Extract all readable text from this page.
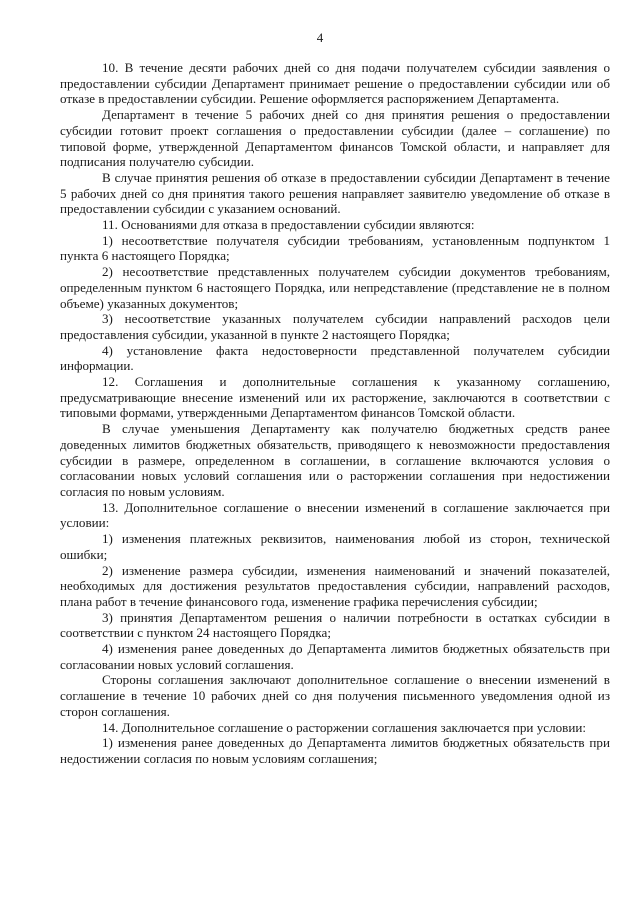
4

10. В течение десяти рабочих дней со дня подачи получателем субсидии заявления о предоставлении субсидии Департамент принимает решение о предоставлении субсидии или об отказе в предоставлении субсидии. Решение оформляется распоряжением Департамента.

Департамент в течение 5 рабочих дней со дня принятия решения о предоставлении субсидии готовит проект соглашения о предоставлении субсидии (далее – соглашение) по типовой форме, утвержденной Департаментом финансов Томской области, и направляет для подписания получателю субсидии.

В случае принятия решения об отказе в предоставлении субсидии Департамент в течение 5 рабочих дней со дня принятия такого решения направляет заявителю уведомление об отказе в предоставлении субсидии с указанием оснований.

11. Основаниями для отказа в предоставлении субсидии являются:

1) несоответствие получателя субсидии требованиям, установленным подпунктом 1 пункта 6 настоящего Порядка;

2) несоответствие представленных получателем субсидии документов требованиям, определенным пунктом 6 настоящего Порядка, или непредставление (представление не в полном объеме) указанных документов;

3) несоответствие указанных получателем субсидии направлений расходов цели предоставления субсидии, указанной в пункте 2 настоящего Порядка;

4) установление факта недостоверности представленной получателем субсидии информации.

12. Соглашения и дополнительные соглашения к указанному соглашению, предусматривающие внесение изменений или их расторжение, заключаются в соответствии с типовыми формами, утвержденными Департаментом финансов Томской области.

В случае уменьшения Департаменту как получателю бюджетных средств ранее доведенных лимитов бюджетных обязательств, приводящего к невозможности предоставления субсидии в размере, определенном в соглашении, в соглашение включаются условия о согласовании новых условий соглашения или о расторжении соглашения при недостижении согласия по новым условиям.

13. Дополнительное соглашение о внесении изменений в соглашение заключается при условии:

1) изменения платежных реквизитов, наименования любой из сторон, технической ошибки;

2) изменение размера субсидии, изменения наименований и значений показателей, необходимых для достижения результатов предоставления субсидии, направлений расходов, плана работ в течение финансового года, изменение графика перечисления субсидии;

3) принятия Департаментом решения о наличии потребности в остатках субсидии в соответствии с пунктом 24 настоящего Порядка;

4) изменения ранее доведенных до Департамента лимитов бюджетных обязательств при согласовании новых условий соглашения.

Стороны соглашения заключают дополнительное соглашение о внесении изменений в соглашение в течение 10 рабочих дней со дня получения письменного уведомления одной из сторон соглашения.

14. Дополнительное соглашение о расторжении соглашения заключается при условии:

1) изменения ранее доведенных до Департамента лимитов бюджетных обязательств при недостижении согласия по новым условиям соглашения;
